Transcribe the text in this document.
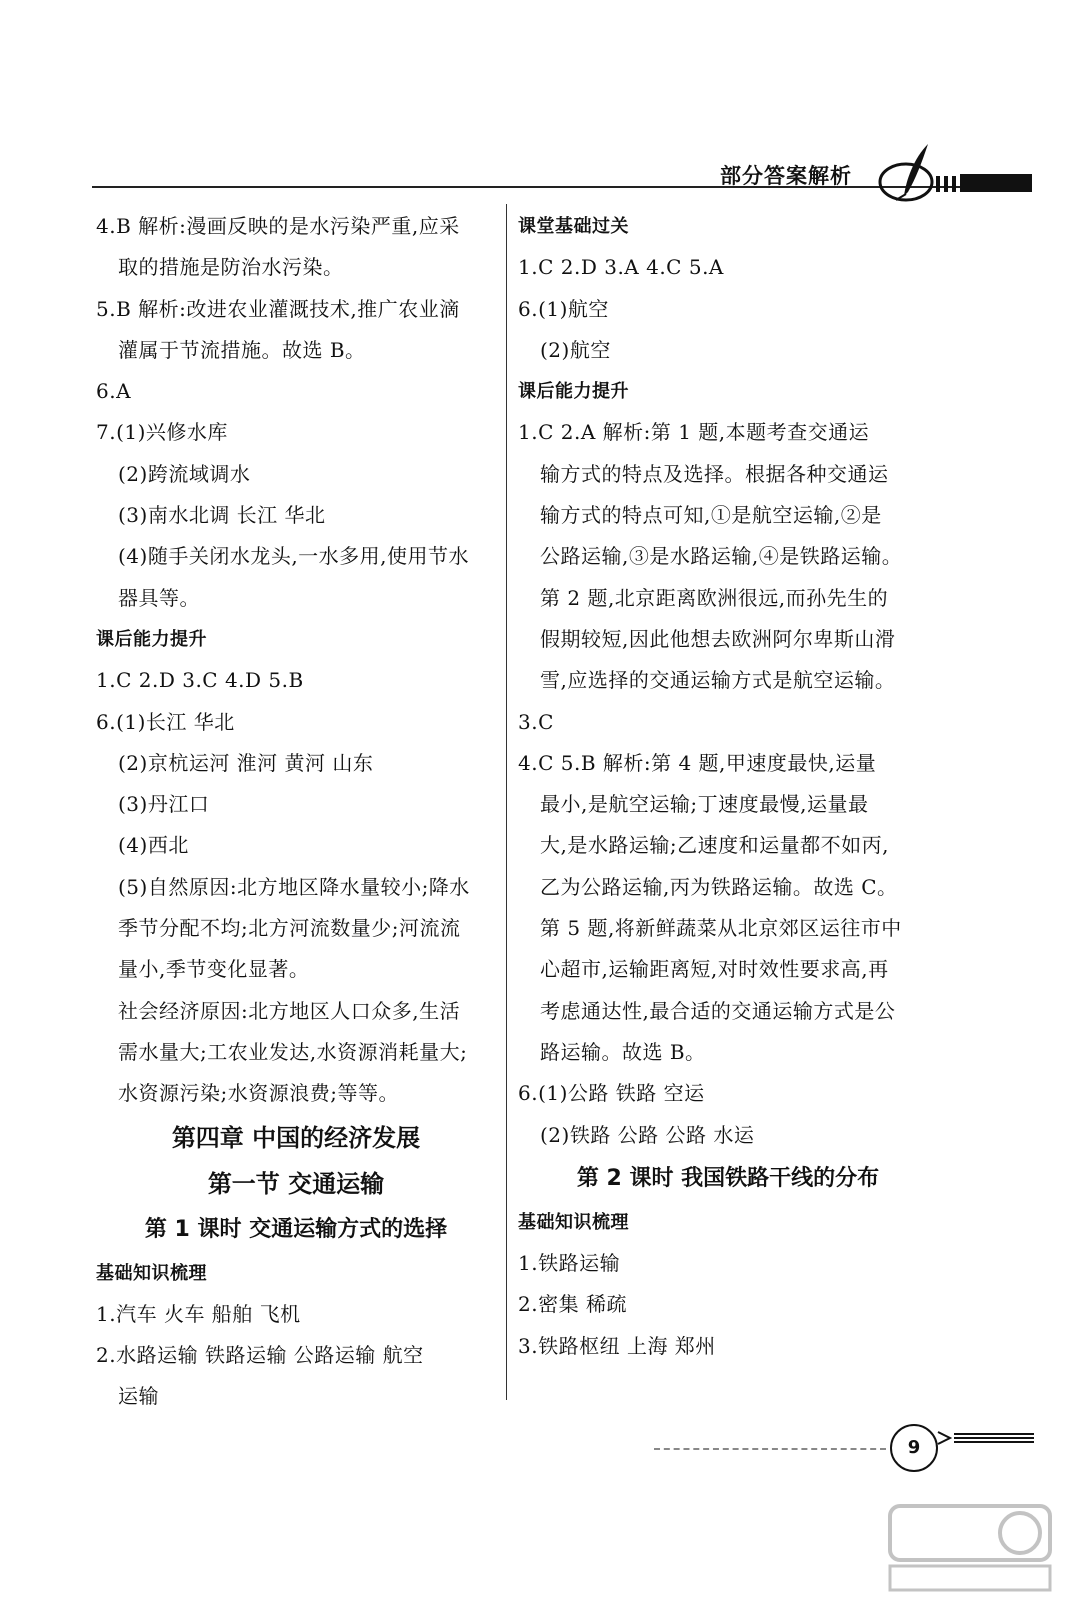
部分答案解析
4.B 解析:漫画反映的是水污染严重,应采
取的措施是防治水污染。
5.B 解析:改进农业灌溉技术,推广农业滴
灌属于节流措施。故选 B。
6.A
7.(1)兴修水库
(2)跨流域调水
(3)南水北调 长江 华北
(4)随手关闭水龙头,一水多用,使用节水
器具等。
课后能力提升
1.C 2.D 3.C 4.D 5.B
6.(1)长江 华北
(2)京杭运河 淮河 黄河 山东
(3)丹江口
(4)西北
(5)自然原因:北方地区降水量较小;降水
季节分配不均;北方河流数量少;河流流
量小,季节变化显著。
社会经济原因:北方地区人口众多,生活
需水量大;工农业发达,水资源消耗量大;
水资源污染;水资源浪费;等等。
第四章 中国的经济发展
第一节 交通运输
第 1 课时 交通运输方式的选择
基础知识梳理
1.汽车 火车 船舶 飞机
2.水路运输 铁路运输 公路运输 航空
运输
课堂基础过关
1.C 2.D 3.A 4.C 5.A
6.(1)航空
(2)航空
课后能力提升
1.C 2.A 解析:第 1 题,本题考查交通运
输方式的特点及选择。根据各种交通运
输方式的特点可知,①是航空运输,②是
公路运输,③是水路运输,④是铁路运输。
第 2 题,北京距离欧洲很远,而孙先生的
假期较短,因此他想去欧洲阿尔卑斯山滑
雪,应选择的交通运输方式是航空运输。
3.C
4.C 5.B 解析:第 4 题,甲速度最快,运量
最小,是航空运输;丁速度最慢,运量最
大,是水路运输;乙速度和运量都不如丙,
乙为公路运输,丙为铁路运输。故选 C。
第 5 题,将新鲜蔬菜从北京郊区运往市中
心超市,运输距离短,对时效性要求高,再
考虑通达性,最合适的交通运输方式是公
路运输。故选 B。
6.(1)公路 铁路 空运
(2)铁路 公路 公路 水运
第 2 课时 我国铁路干线的分布
基础知识梳理
1.铁路运输
2.密集 稀疏
3.铁路枢纽 上海 郑州
9
